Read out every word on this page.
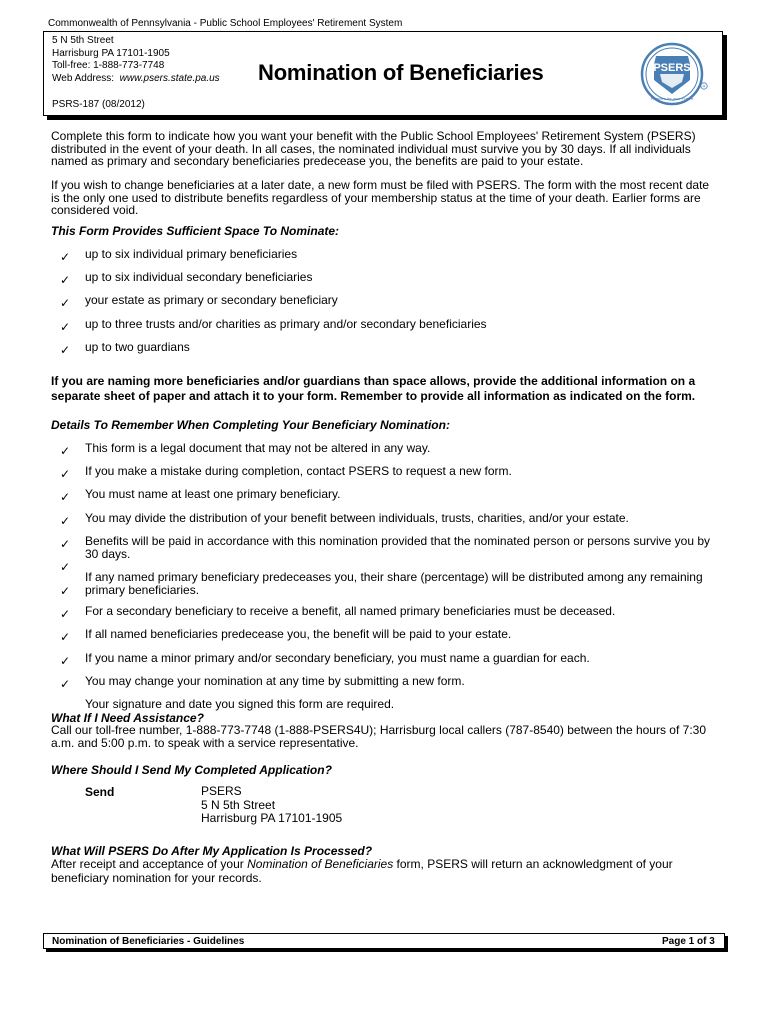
Commonwealth of Pennsylvania - Public School Employees' Retirement System
5 N 5th Street
Harrisburg PA 17101-1905
Toll-free: 1-888-773-7748
Web Address: www.psers.state.pa.us
PSRS-187 (08/2012)
Nomination of Beneficiaries	PSERS
Partners for your Future
R
Complete this form to indicate how you want your benefit with the Public School Employees' Retirement System (PSERS) distributed in the event of your death. In all cases, the nominated individual must survive you by 30 days. If all individuals named as primary and secondary beneficiaries predecease you, the benefits are paid to your estate.
If you wish to change beneficiaries at a later date, a new form must be filed with PSERS. The form with the most recent date is the only one used to distribute benefits regardless of your membership status at the time of your death. Earlier forms are considered void.
This Form Provides Sufficient Space To Nominate:
✓ up to six individual primary beneficiaries
✓ up to six individual secondary beneficiaries
✓ your estate as primary or secondary beneficiary
✓ up to three trusts and/or charities as primary and/or secondary beneficiaries
✓ up to two guardians
If you are naming more beneficiaries and/or guardians than space allows, provide the additional information on a separate sheet of paper and attach it to your form. Remember to provide all information as indicated on the form.
Details To Remember When Completing Your Beneficiary Nomination:
✓ This form is a legal document that may not be altered in any way.
✓ If you make a mistake during completion, contact PSERS to request a new form.
✓ You must name at least one primary beneficiary.
✓ You may divide the distribution of your benefit between individuals, trusts, charities, and/or your estate.
✓ Benefits will be paid in accordance with this nomination provided that the nominated person or persons survive you by 30 days.
✓
✓
If any named primary beneficiary predeceases you, their share (percentage) will be distributed among any remaining primary beneficiaries.
✓ For a secondary beneficiary to receive a benefit, all named primary beneficiaries must be deceased.
✓ If all named beneficiaries predecease you, the benefit will be paid to your estate.
✓ If you name a minor primary and/or secondary beneficiary, you must name a guardian for each.
✓ You may change your nomination at any time by submitting a new form.
Your signature and date you signed this form are required.
What If I Need Assistance?
Call our toll-free number, 1-888-773-7748 (1-888-PSERS4U); Harrisburg local callers (787-8540) between the hours of 7:30 a.m. and 5:00 p.m. to speak with a service representative.
Where Should I Send My Completed Application?
Send	PSERS
5 N 5th Street
Harrisburg PA 17101-1905
What Will PSERS Do After My Application Is Processed?
After receipt and acceptance of your Nomination of Beneficiaries form, PSERS will return an acknowledgment of your beneficiary nomination for your records.
Nomination of Beneficiaries - Guidelines	Page 1 of 3
